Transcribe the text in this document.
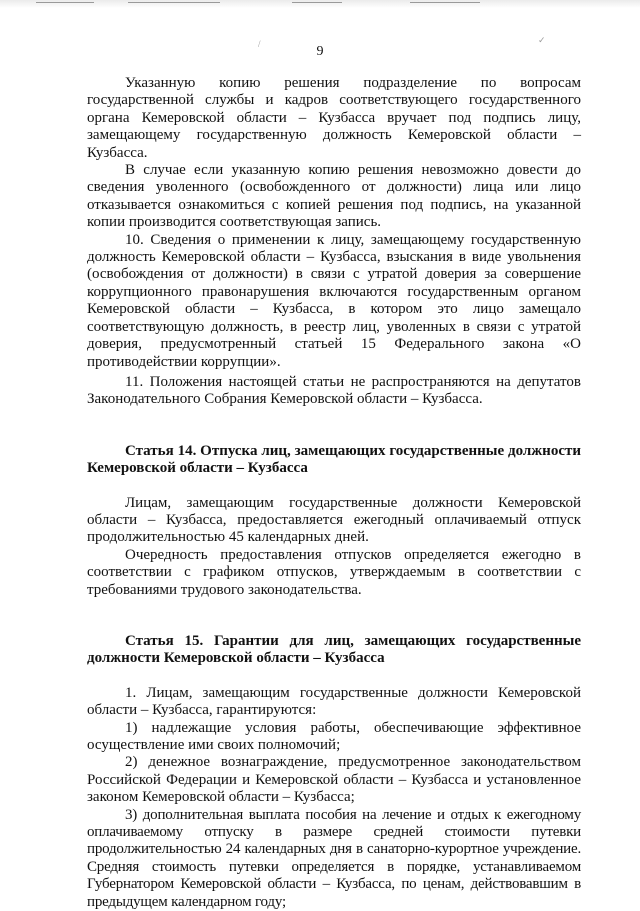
/	✓
9

Указанную копию решения подразделение по вопросам государственной службы и кадров соответствующего государственного органа Кемеровской области – Кузбасса вручает под подпись лицу, замещающему государственную должность Кемеровской области – Кузбасса.

В случае если указанную копию решения невозможно довести до сведения уволенного (освобожденного от должности) лица или лицо отказывается ознакомиться с копией решения под подпись, на указанной копии производится соответствующая запись.

10. Сведения о применении к лицу, замещающему государственную должность Кемеровской области – Кузбасса, взыскания в виде увольнения (освобождения от должности) в связи с утратой доверия за совершение коррупционного правонарушения включаются государственным органом Кемеровской области – Кузбасса, в котором это лицо замещало соответствующую должность, в реестр лиц, уволенных в связи с утратой доверия, предусмотренный статьей 15 Федерального закона «О противодействии коррупции».

11. Положения настоящей статьи не распространяются на депутатов Законодательного Собрания Кемеровской области – Кузбасса.

Статья 14. Отпуска лиц, замещающих государственные должности Кемеровской области – Кузбасса

Лицам, замещающим государственные должности Кемеровской области – Кузбасса, предоставляется ежегодный оплачиваемый отпуск продолжительностью 45 календарных дней.

Очередность предоставления отпусков определяется ежегодно в соответствии с графиком отпусков, утверждаемым в соответствии с требованиями трудового законодательства.

Статья 15. Гарантии для лиц, замещающих государственные должности Кемеровской области – Кузбасса

1. Лицам, замещающим государственные должности Кемеровской области – Кузбасса, гарантируются:

1) надлежащие условия работы, обеспечивающие эффективное осуществление ими своих полномочий;

2) денежное вознаграждение, предусмотренное законодательством Российской Федерации и Кемеровской области – Кузбасса и установленное законом Кемеровской области – Кузбасса;

3) дополнительная выплата пособия на лечение и отдых к ежегодному оплачиваемому отпуску в размере средней стоимости путевки продолжительностью 24 календарных дня в санаторно-курортное учреждение. Средняя стоимость путевки определяется в порядке, устанавливаемом Губернатором Кемеровской области – Кузбасса, по ценам, действовавшим в предыдущем календарном году;
